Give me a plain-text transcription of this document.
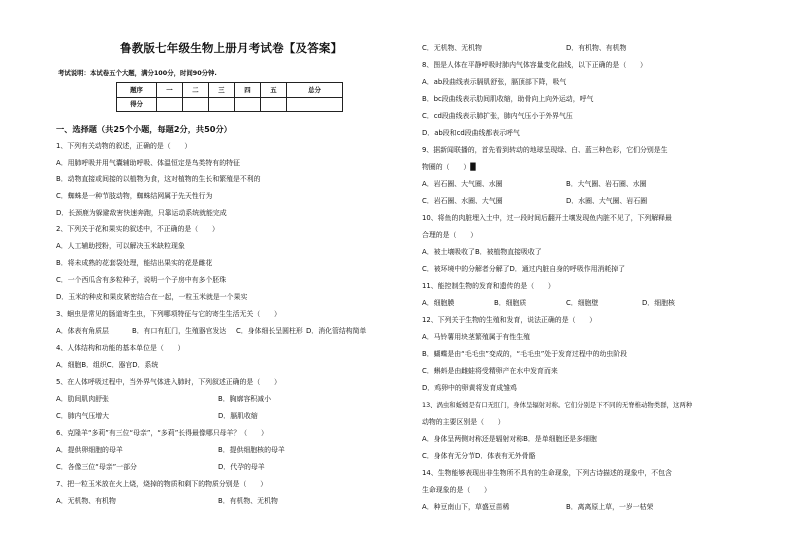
鲁教版七年级生物上册月考试卷【及答案】
考试说明：本试卷五个大题，满分100分，时间90分钟.
题序	一	二	三	四	五	总分
得分						
一、选择题（共25个小题，每题2分，共50分）
1、下列有关动物的叙述，正确的是（　　）
A．用肺呼吸并用气囊辅助呼吸、体温恒定是鸟类特有的特征
B．动物直接或间接的以植物为食，这对植物的生长和繁殖是不利的
C．蜘蛛是一种节肢动物，蜘蛛结网属于先天性行为
D．长颈鹿为躲避敌害快速奔跑，只靠运动系统就能完成
2、下列关于花和果实的叙述中，不正确的是（　　）
A．人工辅助授粉，可以解决玉米缺粒现象
B．将未成熟的花套袋处理，能结出果实的花是雌花
C．一个西瓜含有多粒种子，说明一个子房中有多个胚珠
D．玉米的种皮和果皮紧密结合在一起，一粒玉米就是一个果实
3、蛔虫是常见的肠道寄生虫，下列哪项特征与它的寄生生活无关（　　）
A．体表有角质层	B．有口有肛门，生殖器官发达 C．身体细长呈圆柱形 D．消化管结构简单
4、人体结构和功能的基本单位是（　　）
A．细胞B．组织C．器官D．系统
5、在人体呼吸过程中，当外界气体进入肺时，下列叙述正确的是（　　）
A．肋间肌肉舒张	B．胸廓容积减小
C．肺内气压增大	D．膈肌收缩
6、克隆羊“多莉”有三位“母亲”，“多莉”长得最像哪只母羊？（　　）
A．提供卵细胞的母羊	B．提供细胞核的母羊
C．各像三位“母亲”一部分	D．代孕的母羊
7、把一粒玉米放在火上烧，烧掉的物质和剩下的物质分别是（　　）
A．无机物、有机物	B．有机物、无机物
C．无机物、无机物	D．有机物、有机物
8、图是人体在平静呼吸时肺内气体容量变化曲线，以下正确的是（　　）
A．ab段曲线表示膈肌舒张，膈顶部下降，吸气
B．bc段曲线表示肋间肌收缩，助骨向上向外运动，呼气
C．cd段曲线表示肺扩张，肺内气压小于外界气压
D．ab段和cd段曲线都表示呼气
9、据新闻联播的，首先看到转动的地球呈现绿、白、蓝三种色彩，它们分别是生
物圈的（　　）█
A．岩石圈、大气圈、水圈	B．大气圈、岩石圈、水圈
C．岩石圈、水圈、大气圈	D．水圈、大气圈、岩石圈
10、将鱼的肉脏埋入土中，过一段时间后翻开土壤发现鱼内脏不见了，下列解释最
合理的是（　　）
A．被土壤吸收了B．被植物直接吸收了
C．被环境中的分解者分解了D．通过内脏自身的呼吸作用消耗掉了
11、能控制生物的发育和遗传的是（　　）
A．细胞膜	B．细胞质	C．细胞壁	D．细胞核
12、下列关于生物的生殖和发育，说法正确的是（　　）
A．马铃薯用块茎繁殖属于有性生殖
B．蝴蝶是由“毛毛虫”变成的，“毛毛虫”处于发育过程中的幼虫阶段
C．蝌蚪是由雌蛙将受精卵产在水中发育而来
D．鸡卵中的卵黄将发育成雏鸡
13、涡虫和蚯蚓是有口无肛门，身体呈辐射对称。它们分别是下不同的无脊椎动物类群，这两种
动物的主要区别是（　　）
A．身体呈两侧对称还是辐射对称B．是单细胞还是多细胞
C．身体有无分节D．体表有无外骨骼
14、生物能够表现出非生物所不具有的生命现象，下列古诗描述的现象中，不包含
生命现象的是（　　）
A．种豆南山下，草盛豆苗稀	B．离离原上草，一岁一枯荣
